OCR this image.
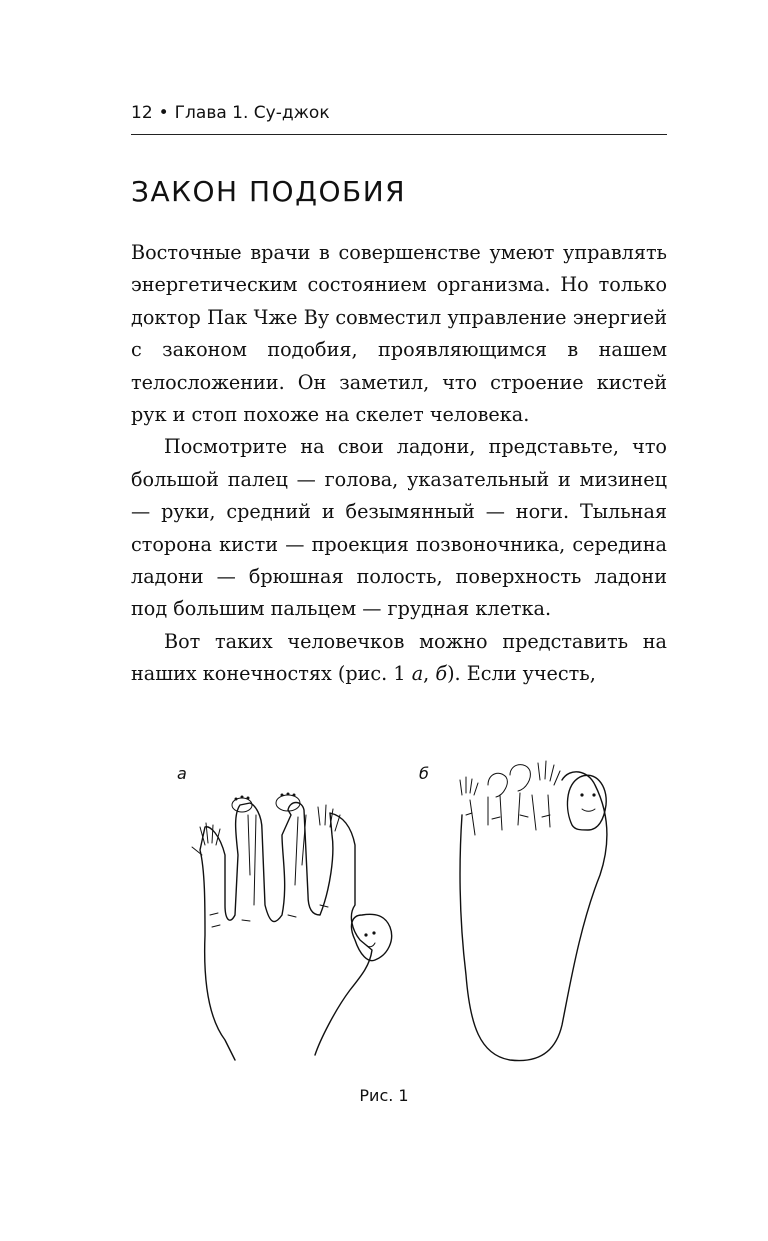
12 • Глава 1. Су-джок
ЗАКОН ПОДОБИЯ

Восточные врачи в совершенстве умеют управлять энергетическим состоянием организма. Но только доктор Пак Чже Ву совместил управление энергией с законом подобия, проявляющимся в нашем телосложении. Он заметил, что строение кистей рук и стоп похоже на скелет человека.

Посмотрите на свои ладони, представьте, что большой палец — голова, указательный и мизинец — руки, средний и безымянный — ноги. Тыльная сторона кисти — проекция позвоночника, середина ладони — брюшная полость, поверхность ладони под большим пальцем — грудная клетка.

Вот таких человечков можно представить на наших конечностях (рис. 1 а, б). Если учесть,

а	б
Рис. 1
